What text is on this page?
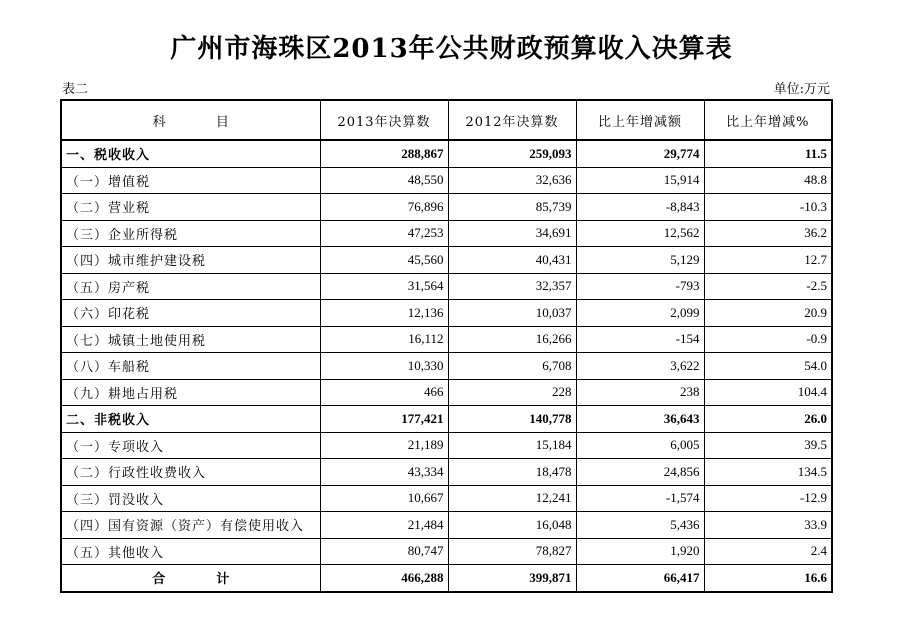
广州市海珠区2013年公共财政预算收入决算表
表二	单位:万元
科 目	2013年决算数	2012年决算数	比上年增减额	比上年增减%
一、税收收入	288,867	259,093	29,774	11.5
（一）增值税	48,550	32,636	15,914	48.8
（二）营业税	76,896	85,739	-8,843	-10.3
（三）企业所得税	47,253	34,691	12,562	36.2
（四）城市维护建设税	45,560	40,431	5,129	12.7
（五）房产税	31,564	32,357	-793	-2.5
（六）印花税	12,136	10,037	2,099	20.9
（七）城镇土地使用税	16,112	16,266	-154	-0.9
（八）车船税	10,330	6,708	3,622	54.0
（九）耕地占用税	466	228	238	104.4
二、非税收入	177,421	140,778	36,643	26.0
（一）专项收入	21,189	15,184	6,005	39.5
（二）行政性收费收入	43,334	18,478	24,856	134.5
（三）罚没收入	10,667	12,241	-1,574	-12.9
（四）国有资源（资产）有偿使用收入	21,484	16,048	5,436	33.9
（五）其他收入	80,747	78,827	1,920	2.4
合 计	466,288	399,871	66,417	16.6
